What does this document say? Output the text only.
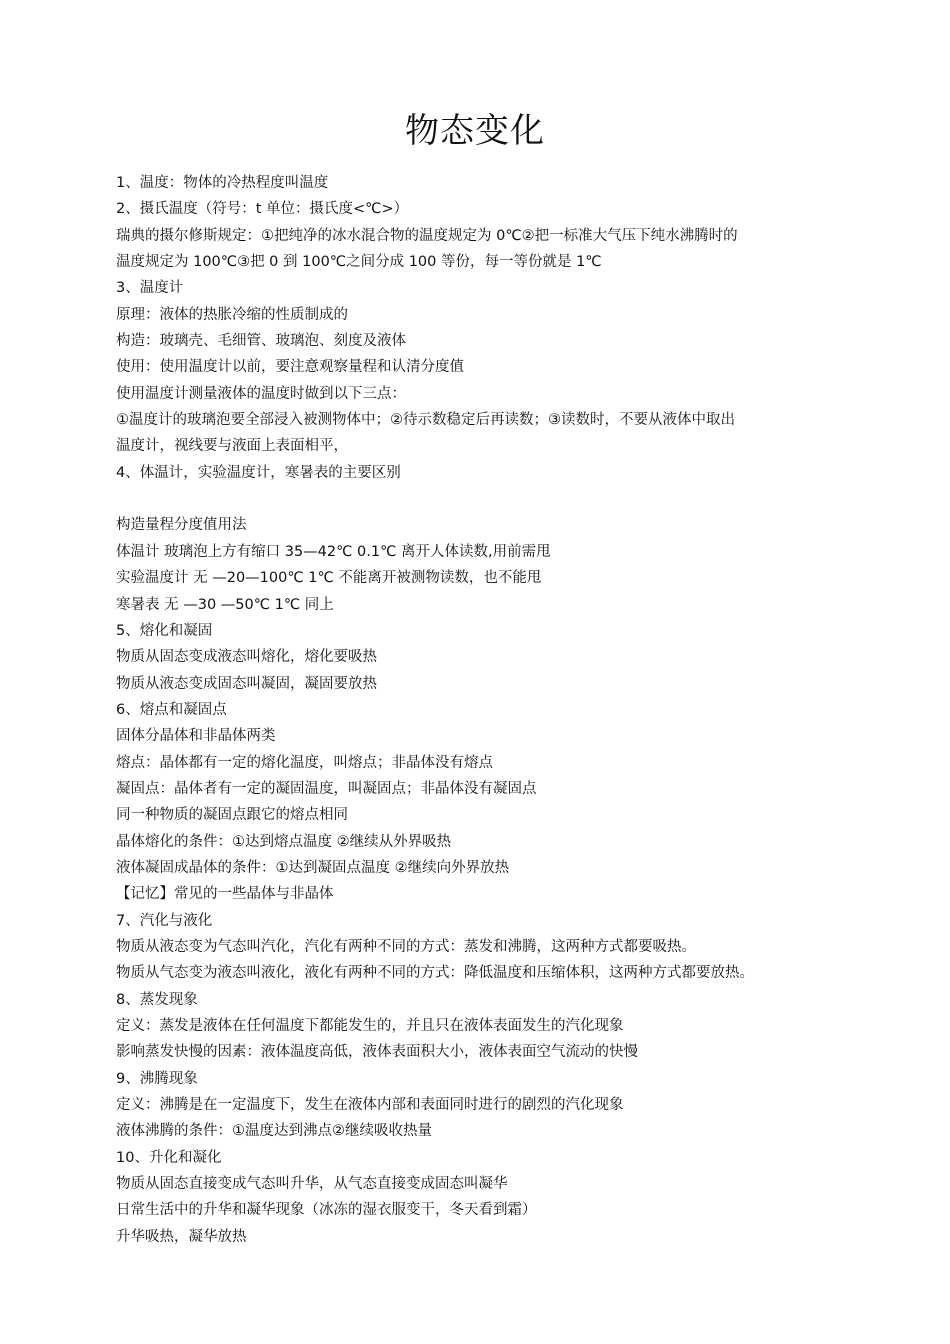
物态变化
1、温度：物体的冷热程度叫温度
2、摄氏温度（符号：t 单位：摄氏度<℃>）
瑞典的摄尔修斯规定：①把纯净的冰水混合物的温度规定为 0℃②把一标准大气压下纯水沸腾时的
温度规定为 100℃③把 0 到 100℃之间分成 100 等份，每一等份就是 1℃
3、温度计
原理：液体的热胀冷缩的性质制成的
构造：玻璃壳、毛细管、玻璃泡、刻度及液体
使用：使用温度计以前，要注意观察量程和认清分度值
使用温度计测量液体的温度时做到以下三点：
①温度计的玻璃泡要全部浸入被测物体中；②待示数稳定后再读数；③读数时，不要从液体中取出
温度计，视线要与液面上表面相平，
4、体温计，实验温度计，寒暑表的主要区别
构造量程分度值用法
体温计 玻璃泡上方有缩口 35—42℃ 0.1℃ 离开人体读数,用前需甩
实验温度计 无 —20—100℃ 1℃ 不能离开被测物读数，也不能甩
寒暑表 无 —30 —50℃ 1℃ 同上
5、熔化和凝固
物质从固态变成液态叫熔化，熔化要吸热
物质从液态变成固态叫凝固，凝固要放热
6、熔点和凝固点
固体分晶体和非晶体两类
熔点：晶体都有一定的熔化温度，叫熔点；非晶体没有熔点
凝固点：晶体者有一定的凝固温度，叫凝固点；非晶体没有凝固点
同一种物质的凝固点跟它的熔点相同
晶体熔化的条件：①达到熔点温度 ②继续从外界吸热
液体凝固成晶体的条件：①达到凝固点温度 ②继续向外界放热
【记忆】常见的一些晶体与非晶体
7、汽化与液化
物质从液态变为气态叫汽化，汽化有两种不同的方式：蒸发和沸腾，这两种方式都要吸热。
物质从气态变为液态叫液化，液化有两种不同的方式：降低温度和压缩体积，这两种方式都要放热。
8、蒸发现象
定义：蒸发是液体在任何温度下都能发生的，并且只在液体表面发生的汽化现象
影响蒸发快慢的因素：液体温度高低，液体表面积大小，液体表面空气流动的快慢
9、沸腾现象
定义：沸腾是在一定温度下，发生在液体内部和表面同时进行的剧烈的汽化现象
液体沸腾的条件：①温度达到沸点②继续吸收热量
10、升化和凝化
物质从固态直接变成气态叫升华，从气态直接变成固态叫凝华
日常生活中的升华和凝华现象（冰冻的湿衣服变干，冬天看到霜）
升华吸热，凝华放热
